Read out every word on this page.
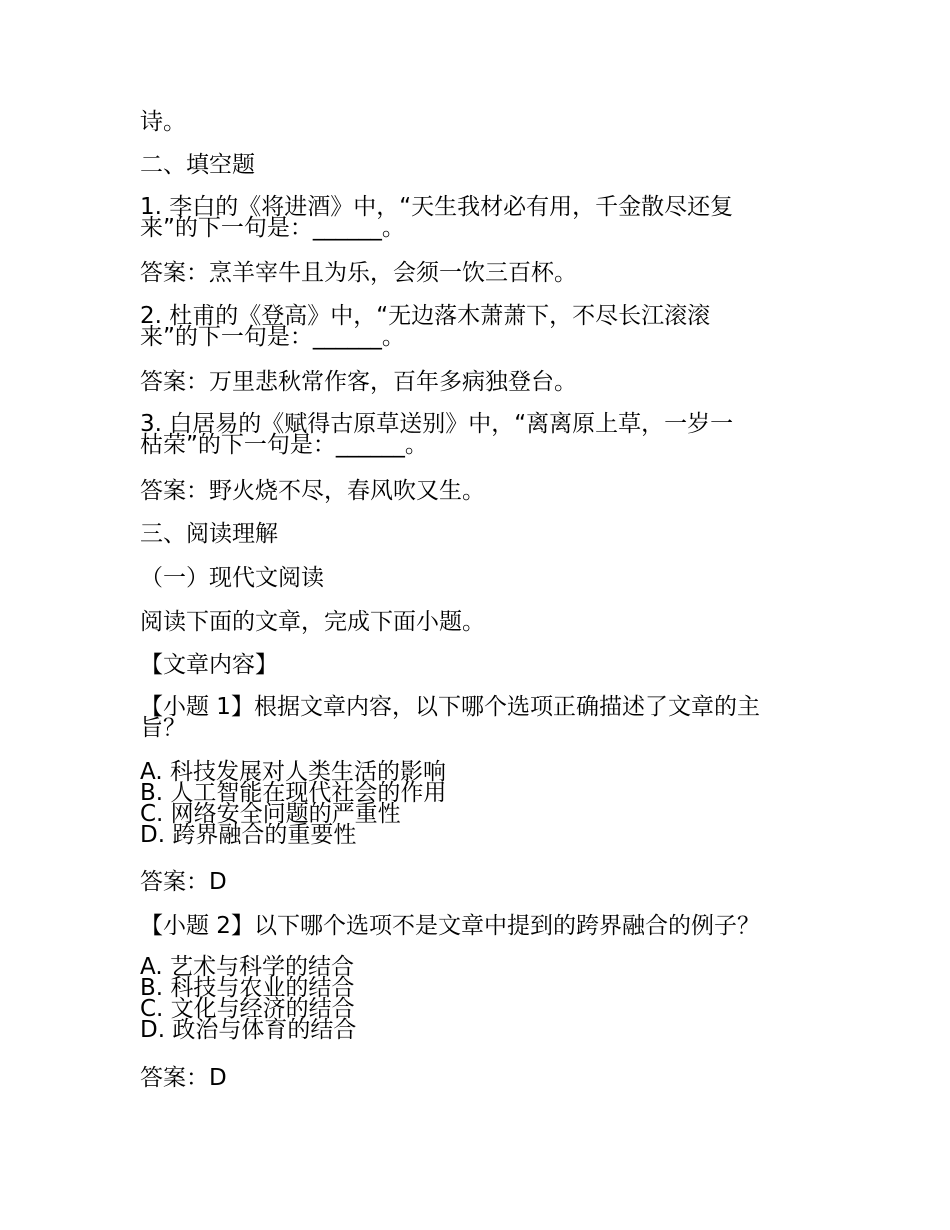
诗。
二、填空题
1. 李白的《将进酒》中，“天生我材必有用，千金散尽还复
来”的下一句是：______。
答案：烹羊宰牛且为乐，会须一饮三百杯。
2. 杜甫的《登高》中，“无边落木萧萧下，不尽长江滚滚
来”的下一句是：______。
答案：万里悲秋常作客，百年多病独登台。
3. 白居易的《赋得古原草送别》中，“离离原上草，一岁一
枯荣”的下一句是：______。
答案：野火烧不尽，春风吹又生。
三、阅读理解
（一）现代文阅读
阅读下面的文章，完成下面小题。
【文章内容】
【小题 1】根据文章内容，以下哪个选项正确描述了文章的主
旨？
A. 科技发展对人类生活的影响
B. 人工智能在现代社会的作用
C. 网络安全问题的严重性
D. 跨界融合的重要性
答案：D
【小题 2】以下哪个选项不是文章中提到的跨界融合的例子？
A. 艺术与科学的结合
B. 科技与农业的结合
C. 文化与经济的结合
D. 政治与体育的结合
答案：D
